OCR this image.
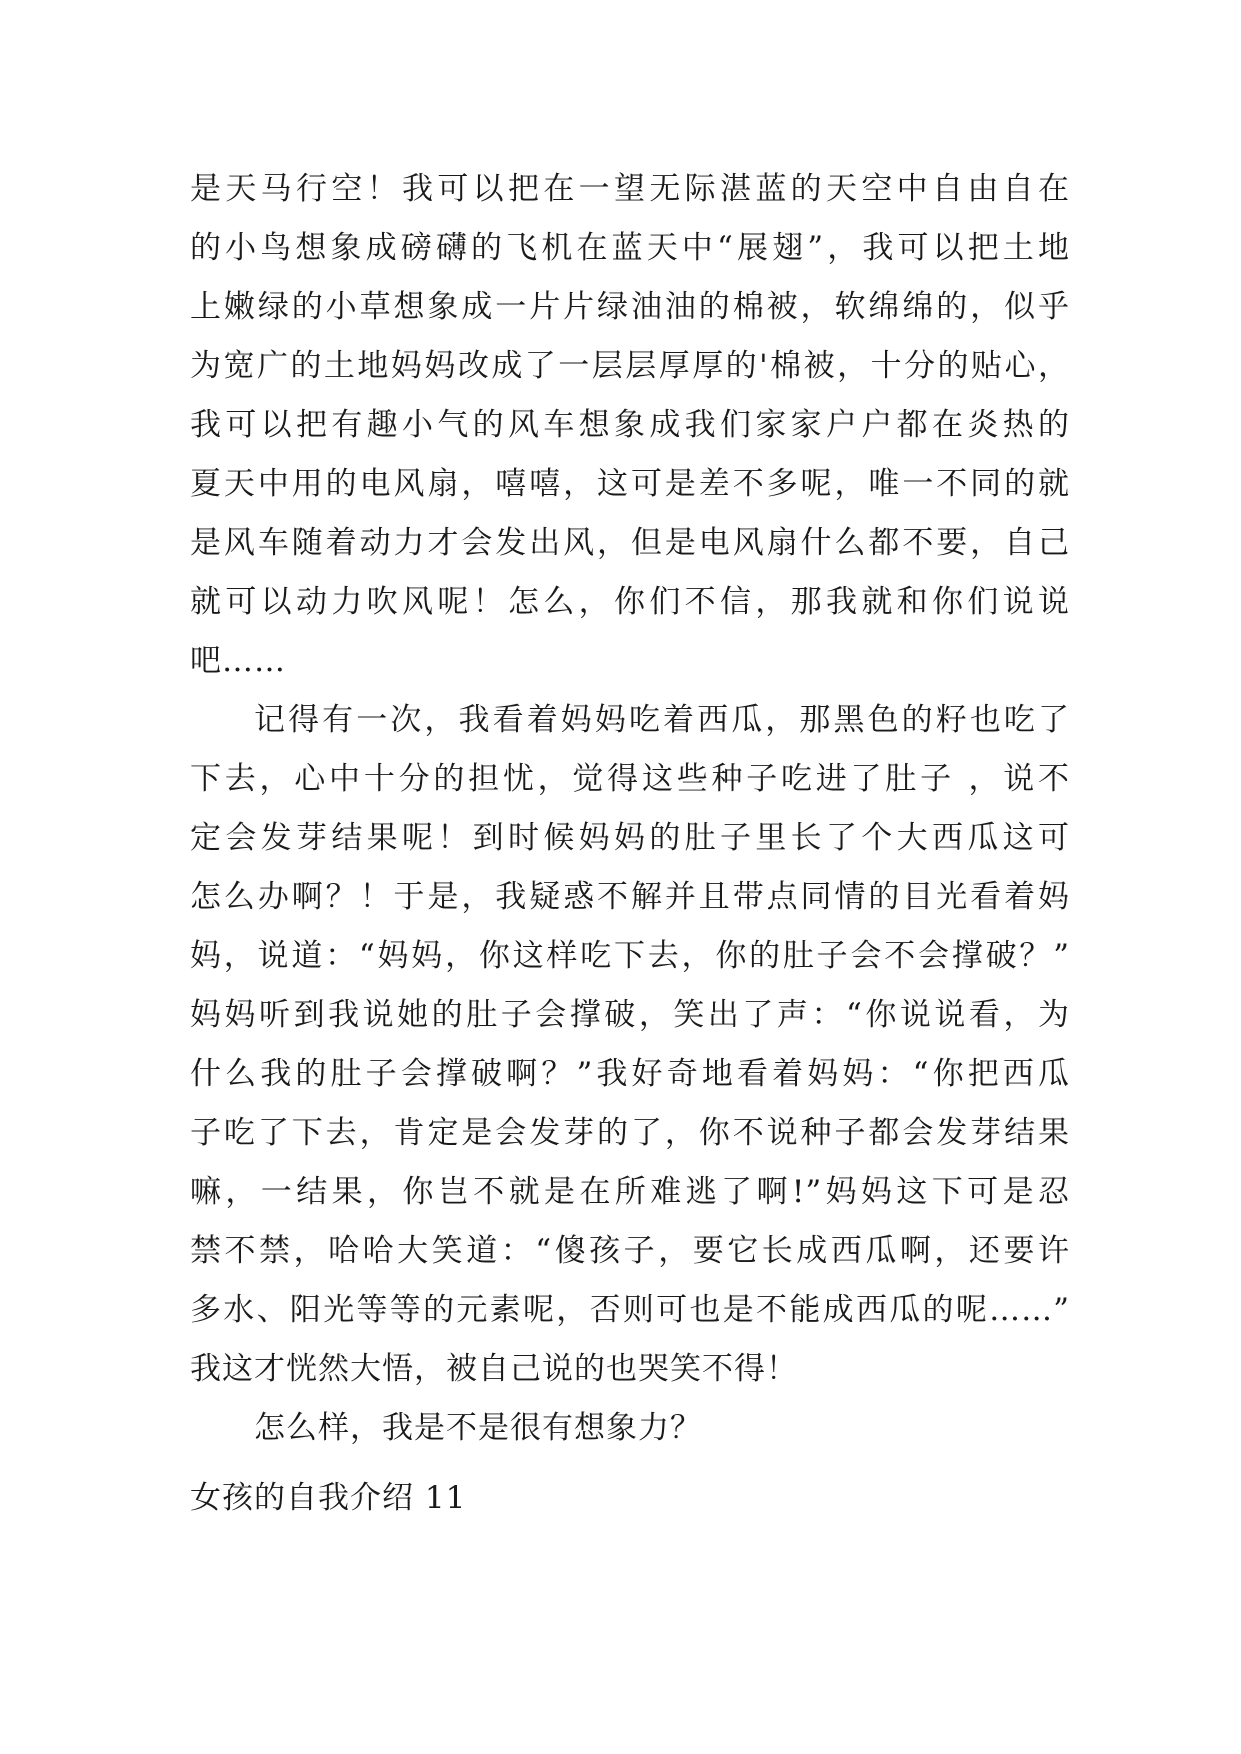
是天马行空！我可以把在一望无际湛蓝的天空中自由自在
的小鸟想象成磅礴的飞机在蓝天中“展翅”，我可以把土地
上嫩绿的小草想象成一片片绿油油的棉被，软绵绵的，似乎
为宽广的土地妈妈改成了一层层厚厚的'棉被，十分的贴心，
我可以把有趣小气的风车想象成我们家家户户都在炎热的
夏天中用的电风扇，嘻嘻，这可是差不多呢，唯一不同的就
是风车随着动力才会发出风，但是电风扇什么都不要，自己
就可以动力吹风呢！怎么，你们不信，那我就和你们说说
吧……
记得有一次，我看着妈妈吃着西瓜，那黑色的籽也吃了
下去，心中十分的担忧，觉得这些种子吃进了肚子 ，说不
定会发芽结果呢！到时候妈妈的肚子里长了个大西瓜这可
怎么办啊？！于是，我疑惑不解并且带点同情的目光看着妈
妈，说道：“妈妈，你这样吃下去，你的肚子会不会撑破？”
妈妈听到我说她的肚子会撑破，笑出了声：“你说说看，为
什么我的肚子会撑破啊？”我好奇地看着妈妈：“你把西瓜
子吃了下去，肯定是会发芽的了，你不说种子都会发芽结果
嘛，一结果，你岂不就是在所难逃了啊!”妈妈这下可是忍
禁不禁，哈哈大笑道：“傻孩子，要它长成西瓜啊，还要许
多水、阳光等等的元素呢，否则可也是不能成西瓜的呢……”
我这才恍然大悟，被自己说的也哭笑不得！
怎么样，我是不是很有想象力？
女孩的自我介绍 11
